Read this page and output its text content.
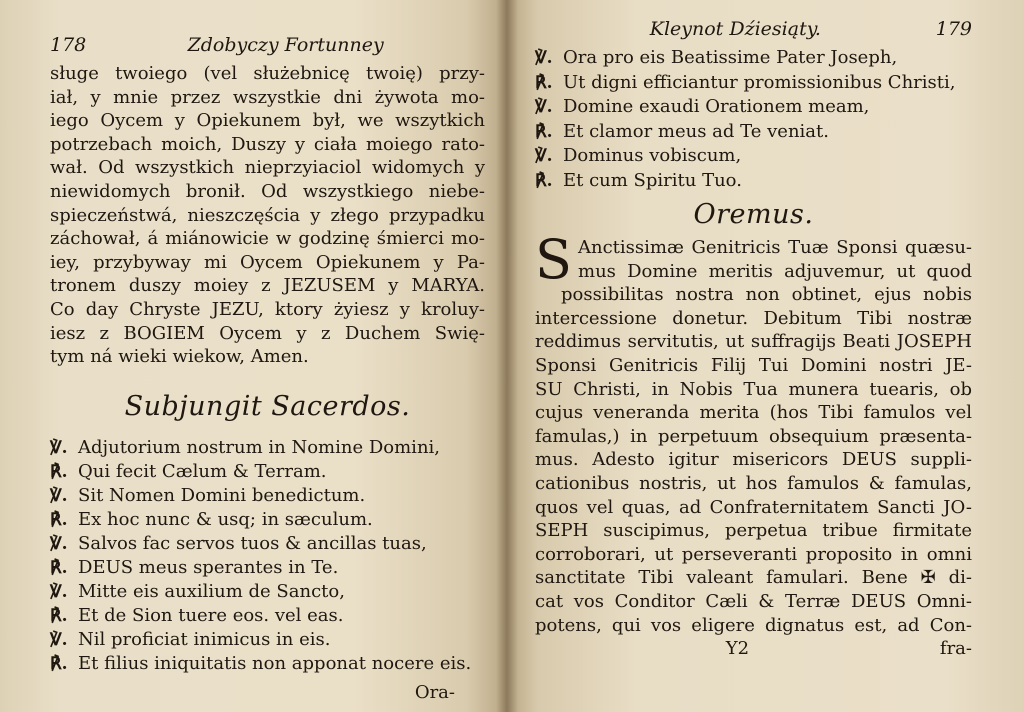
178	Zdobyczy Fortunney
sługe twoiego (vel służebnicę twoię) przy-
iał, y mnie przez wszystkie dni żywota mo-
iego Oycem y Opiekunem był, we wszytkich
potrzebach moich, Duszy y ciała moiego rato-
wał. Od wszystkich nieprzyiaciol widomych y
niewidomych bronił. Od wszystkiego niebe-
spieczeństwá, nieszczęścia y złego przypadku
záchował, á miánowicie w godzinę śmierci mo-
iey, przybyway mi Oycem Opiekunem y Pa-
tronem duszy moiey z JEZUSEM y MARYA.
Co day Chryste JEZU, ktory żyiesz y kroluy-
iesz z BOGIEM Oycem y z Duchem Swię-
tym ná wieki wiekow, Amen.
Subjungit Sacerdos.
℣. Adjutorium nostrum in Nomine Domini,
℟. Qui fecit Cælum & Terram.
℣. Sit Nomen Domini benedictum.
℟. Ex hoc nunc & usq; in sæculum.
℣. Salvos fac servos tuos & ancillas tuas,
℟. DEUS meus sperantes in Te.
℣. Mitte eis auxilium de Sancto,
℟. Et de Sion tuere eos. vel eas.
℣. Nil proficiat inimicus in eis.
℟. Et filius iniquitatis non apponat nocere eis.
Ora-
Kleynot Dźiesiąty.	179
℣. Ora pro eis Beatissime Pater Joseph,
℟. Ut digni efficiantur promissionibus Christi,
℣. Domine exaudi Orationem meam,
℟. Et clamor meus ad Te veniat.
℣. Dominus vobiscum,
℟. Et cum Spiritu Tuo.
Oremus.
S Anctissimæ Genitricis Tuæ Sponsi quæsu-
mus Domine meritis adjuvemur, ut quod
possibilitas nostra non obtinet, ejus nobis
intercessione donetur. Debitum Tibi nostræ
reddimus servitutis, ut suffragijs Beati JOSEPH
Sponsi Genitricis Filij Tui Domini nostri JE-
SU Christi, in Nobis Tua munera tuearis, ob
cujus veneranda merita (hos Tibi famulos vel
famulas,) in perpetuum obsequium præsenta-
mus. Adesto igitur misericors DEUS suppli-
cationibus nostris, ut hos famulos & famulas,
quos vel quas, ad Confraternitatem Sancti JO-
SEPH suscipimus, perpetua tribue firmitate
corroborari, ut perseveranti proposito in omni
sanctitate Tibi valeant famulari. Bene ✠ di-
cat vos Conditor Cæli & Terræ DEUS Omni-
potens, qui vos eligere dignatus est, ad Con-
Y2	fra-
